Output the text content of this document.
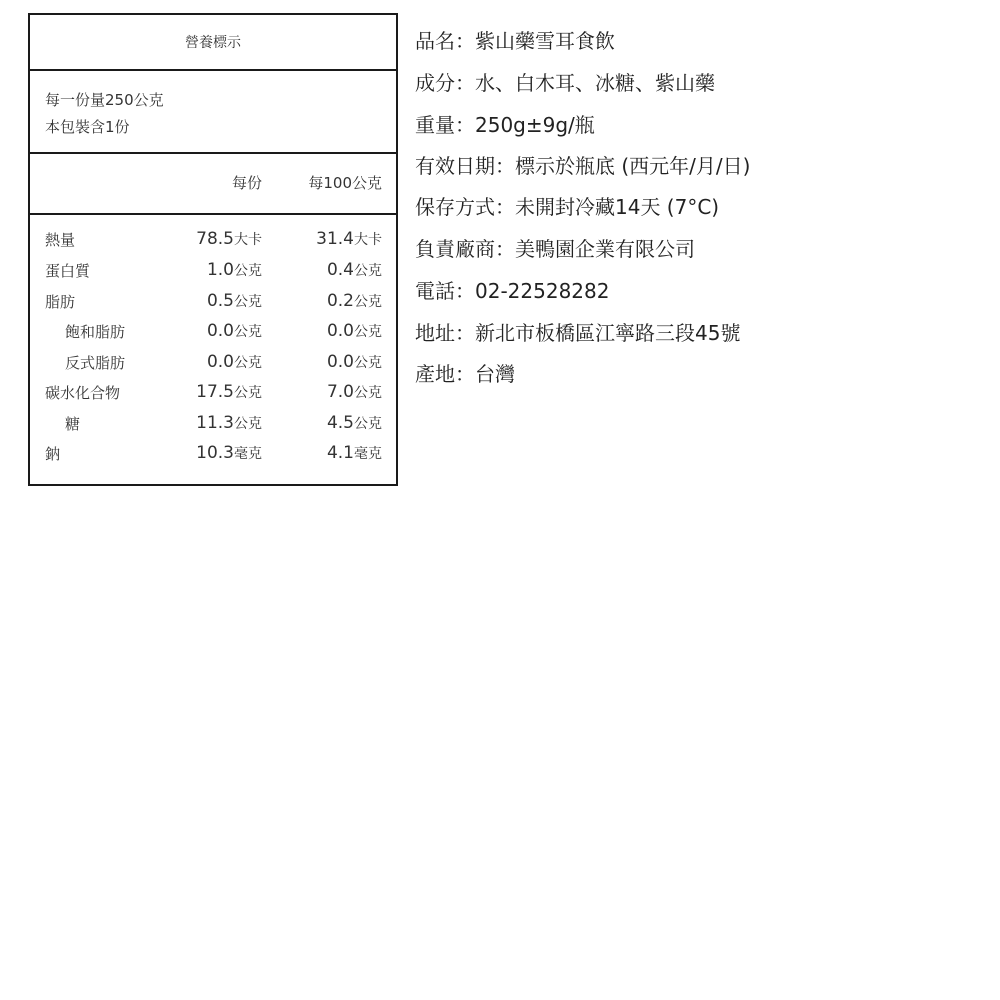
營養標示
每一份量250公克
本包裝含1份
每份	每100公克
熱量	78.5大卡	31.4大卡
蛋白質	1.0公克	0.4公克
脂肪	0.5公克	0.2公克
飽和脂肪	0.0公克	0.0公克
反式脂肪	0.0公克	0.0公克
碳水化合物	17.5公克	7.0公克
糖	11.3公克	4.5公克
鈉	10.3毫克	4.1毫克
品名：紫山藥雪耳食飲
成分：水、白木耳、冰糖、紫山藥
重量：250g±9g/瓶
有效日期：標示於瓶底 (西元年/月/日)
保存方式：未開封冷藏14天 (7°C)
負責廠商：美鴨園企業有限公司
電話：02-22528282
地址：新北市板橋區江寧路三段45號
產地：台灣
